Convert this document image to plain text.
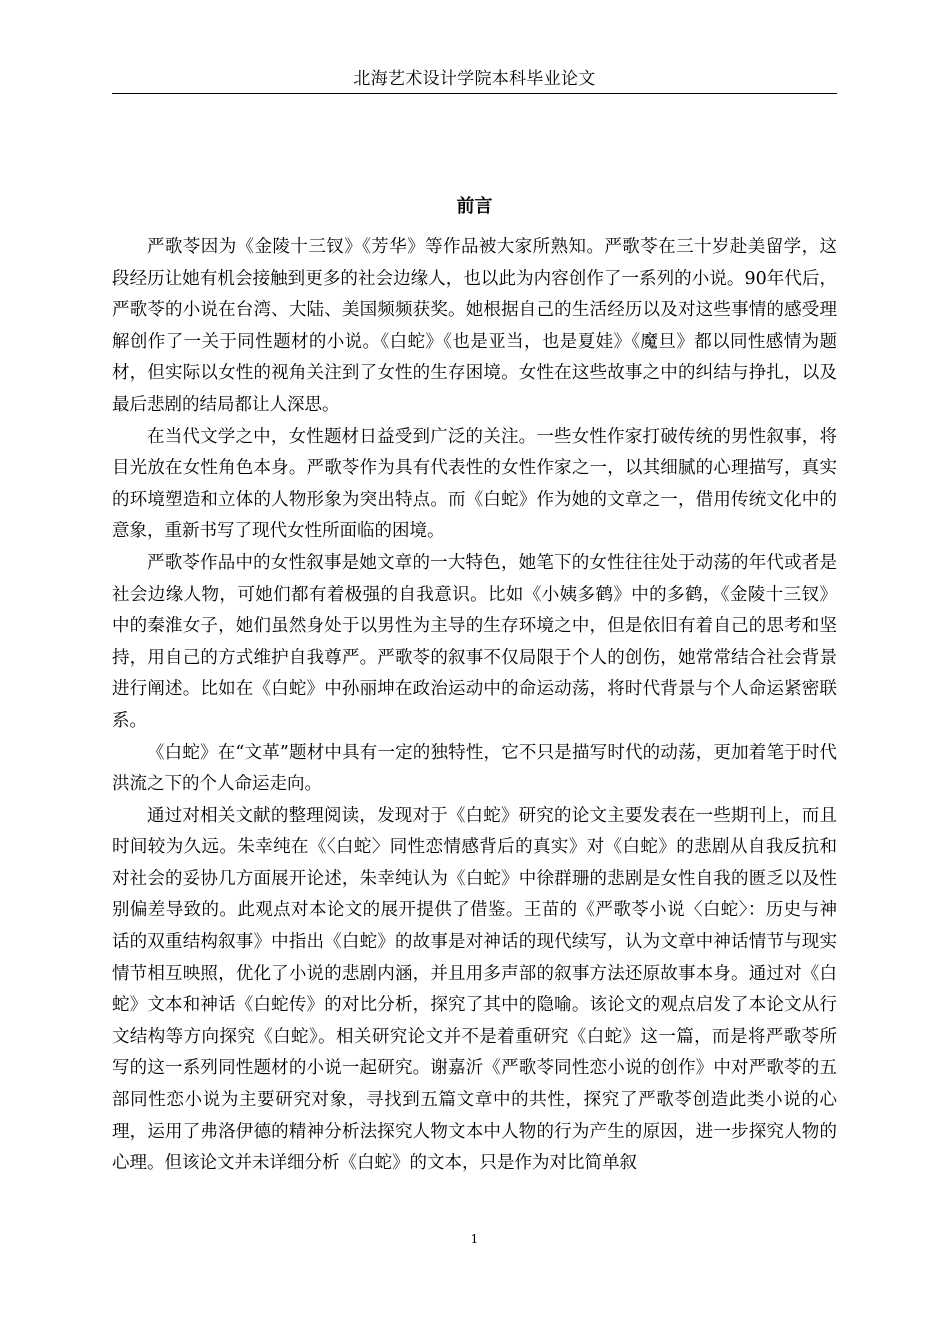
北海艺术设计学院本科毕业论文
前言

严歌苓因为《金陵十三钗》《芳华》等作品被大家所熟知。严歌苓在三十岁赴美留学，这段经历让她有机会接触到更多的社会边缘人，也以此为内容创作了一系列的小说。90年代后，严歌苓的小说在台湾、大陆、美国频频获奖。她根据自己的生活经历以及对这些事情的感受理解创作了一关于同性题材的小说。《白蛇》《也是亚当，也是夏娃》《魔旦》都以同性感情为题材，但实际以女性的视角关注到了女性的生存困境。女性在这些故事之中的纠结与挣扎，以及最后悲剧的结局都让人深思。

在当代文学之中，女性题材日益受到广泛的关注。一些女性作家打破传统的男性叙事，将目光放在女性角色本身。严歌苓作为具有代表性的女性作家之一，以其细腻的心理描写，真实的环境塑造和立体的人物形象为突出特点。而《白蛇》作为她的文章之一，借用传统文化中的意象，重新书写了现代女性所面临的困境。

严歌苓作品中的女性叙事是她文章的一大特色，她笔下的女性往往处于动荡的年代或者是社会边缘人物，可她们都有着极强的自我意识。比如《小姨多鹤》中的多鹤，《金陵十三钗》中的秦淮女子，她们虽然身处于以男性为主导的生存环境之中，但是依旧有着自己的思考和坚持，用自己的方式维护自我尊严。严歌苓的叙事不仅局限于个人的创伤，她常常结合社会背景进行阐述。比如在《白蛇》中孙丽坤在政治运动中的命运动荡，将时代背景与个人命运紧密联系。

《白蛇》在“文革”题材中具有一定的独特性，它不只是描写时代的动荡，更加着笔于时代洪流之下的个人命运走向。

通过对相关文献的整理阅读，发现对于《白蛇》研究的论文主要发表在一些期刊上，而且时间较为久远。朱幸纯在《〈白蛇〉同性恋情感背后的真实》对《白蛇》的悲剧从自我反抗和对社会的妥协几方面展开论述，朱幸纯认为《白蛇》中徐群珊的悲剧是女性自我的匮乏以及性别偏差导致的。此观点对本论文的展开提供了借鉴。王苗的《严歌苓小说〈白蛇〉：历史与神话的双重结构叙事》中指出《白蛇》的故事是对神话的现代续写，认为文章中神话情节与现实情节相互映照，优化了小说的悲剧内涵，并且用多声部的叙事方法还原故事本身。通过对《白蛇》文本和神话《白蛇传》的对比分析，探究了其中的隐喻。该论文的观点启发了本论文从行文结构等方向探究《白蛇》。相关研究论文并不是着重研究《白蛇》这一篇，而是将严歌苓所写的这一系列同性题材的小说一起研究。谢嘉沂《严歌苓同性恋小说的创作》中对严歌苓的五部同性恋小说为主要研究对象，寻找到五篇文章中的共性，探究了严歌苓创造此类小说的心理，运用了弗洛伊德的精神分析法探究人物文本中人物的行为产生的原因，进一步探究人物的心理。但该论文并未详细分析《白蛇》的文本，只是作为对比简单叙

1
